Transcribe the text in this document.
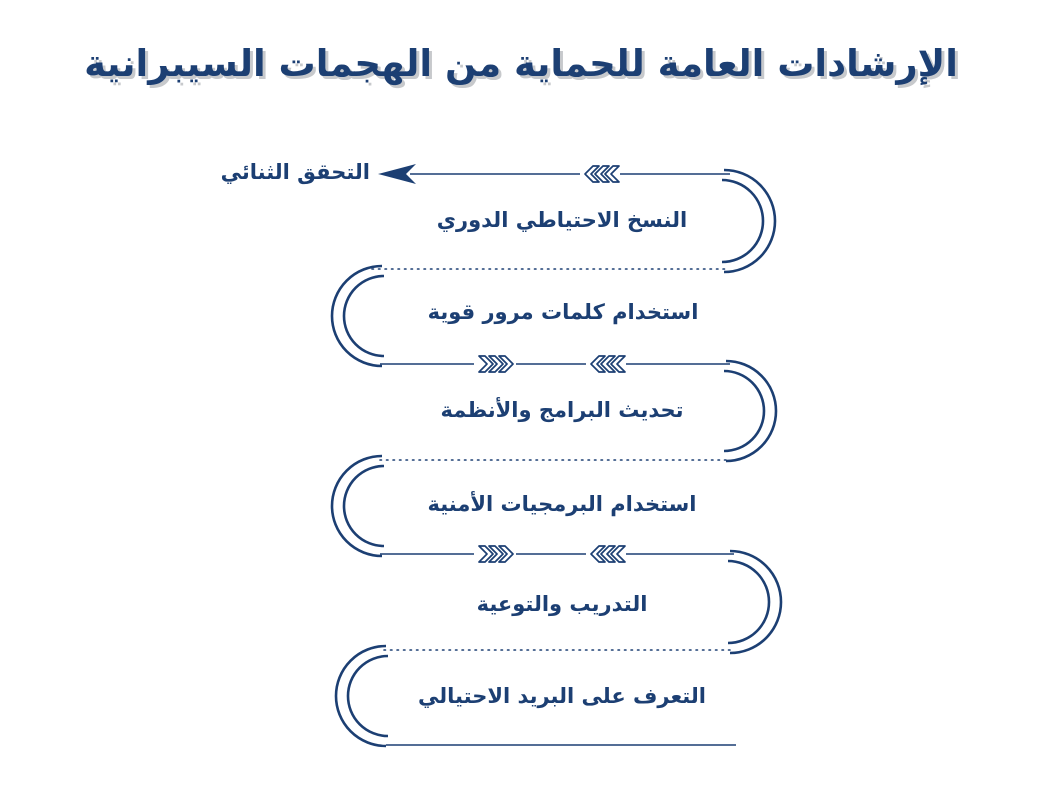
الإرشادات العامة للحماية من الهجمات السيبرانية
التحقق الثنائي
النسخ الاحتياطي الدوري
استخدام كلمات مرور قوية
تحديث البرامج والأنظمة
استخدام البرمجيات الأمنية
التدريب والتوعية
التعرف على البريد الاحتيالي
